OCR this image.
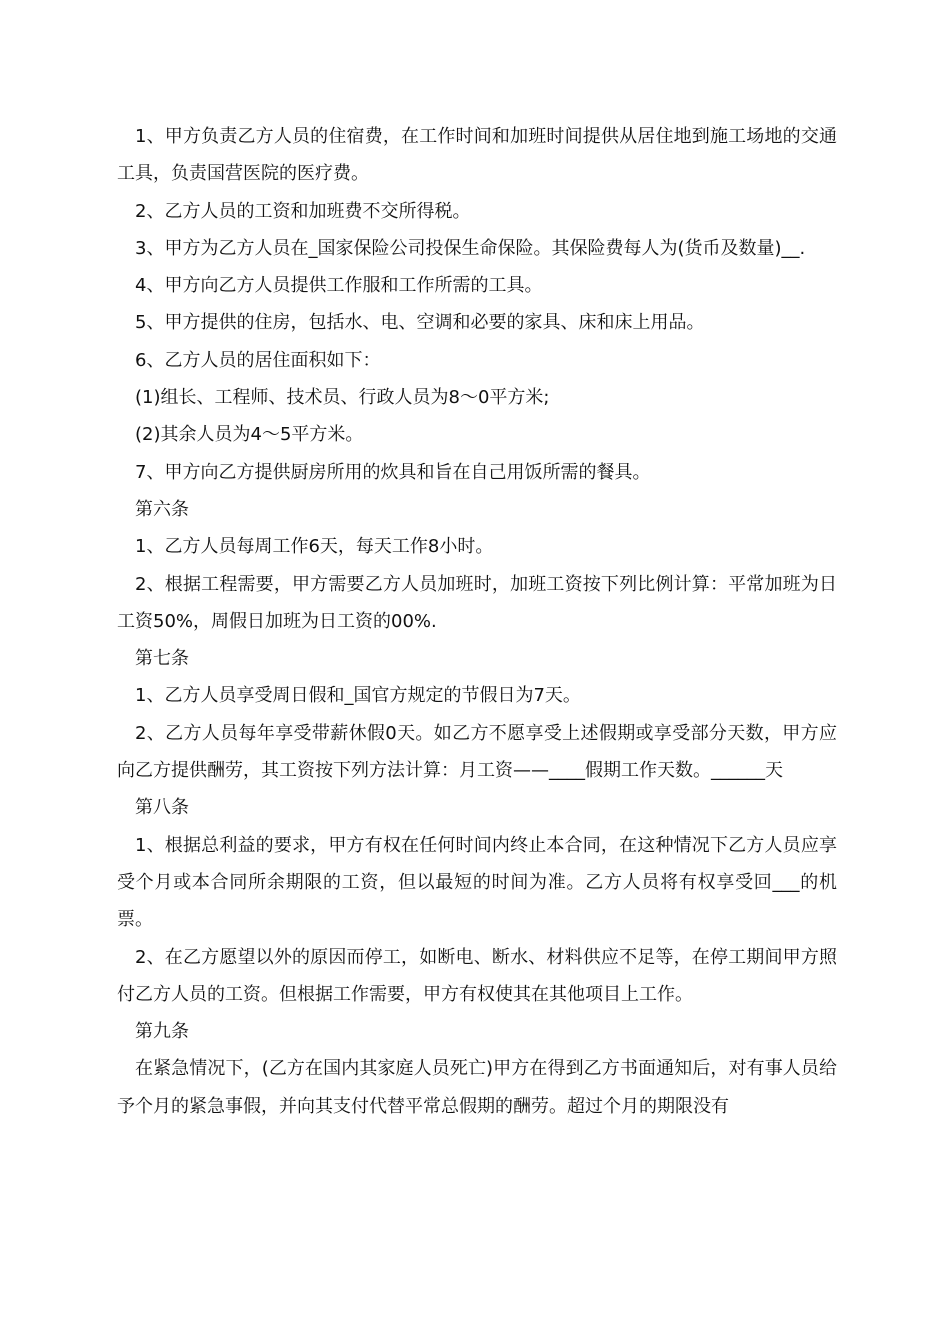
1、甲方负责乙方人员的住宿费，在工作时间和加班时间提供从居住地到施工场地的交通工具，负责国营医院的医疗费。

2、乙方人员的工资和加班费不交所得税。

3、甲方为乙方人员在_国家保险公司投保生命保险。其保险费每人为(货币及数量)__.

4、甲方向乙方人员提供工作服和工作所需的工具。

5、甲方提供的住房，包括水、电、空调和必要的家具、床和床上用品。

6、乙方人员的居住面积如下：

(1)组长、工程师、技术员、行政人员为8～0平方米;

(2)其余人员为4～5平方米。

7、甲方向乙方提供厨房所用的炊具和旨在自己用饭所需的餐具。

第六条

1、乙方人员每周工作6天，每天工作8小时。

2、根据工程需要，甲方需要乙方人员加班时，加班工资按下列比例计算：平常加班为日工资50%，周假日加班为日工资的00%.

第七条

1、乙方人员享受周日假和_国官方规定的节假日为7天。

2、乙方人员每年享受带薪休假0天。如乙方不愿享受上述假期或享受部分天数，甲方应向乙方提供酬劳，其工资按下列方法计算：月工资——____假期工作天数。______天

第八条

1、根据总利益的要求，甲方有权在任何时间内终止本合同，在这种情况下乙方人员应享受个月或本合同所余期限的工资，但以最短的时间为准。乙方人员将有权享受回___的机票。

2、在乙方愿望以外的原因而停工，如断电、断水、材料供应不足等，在停工期间甲方照付乙方人员的工资。但根据工作需要，甲方有权使其在其他项目上工作。

第九条

在紧急情况下，(乙方在国内其家庭人员死亡)甲方在得到乙方书面通知后，对有事人员给予个月的紧急事假，并向其支付代替平常总假期的酬劳。超过个月的期限没有
